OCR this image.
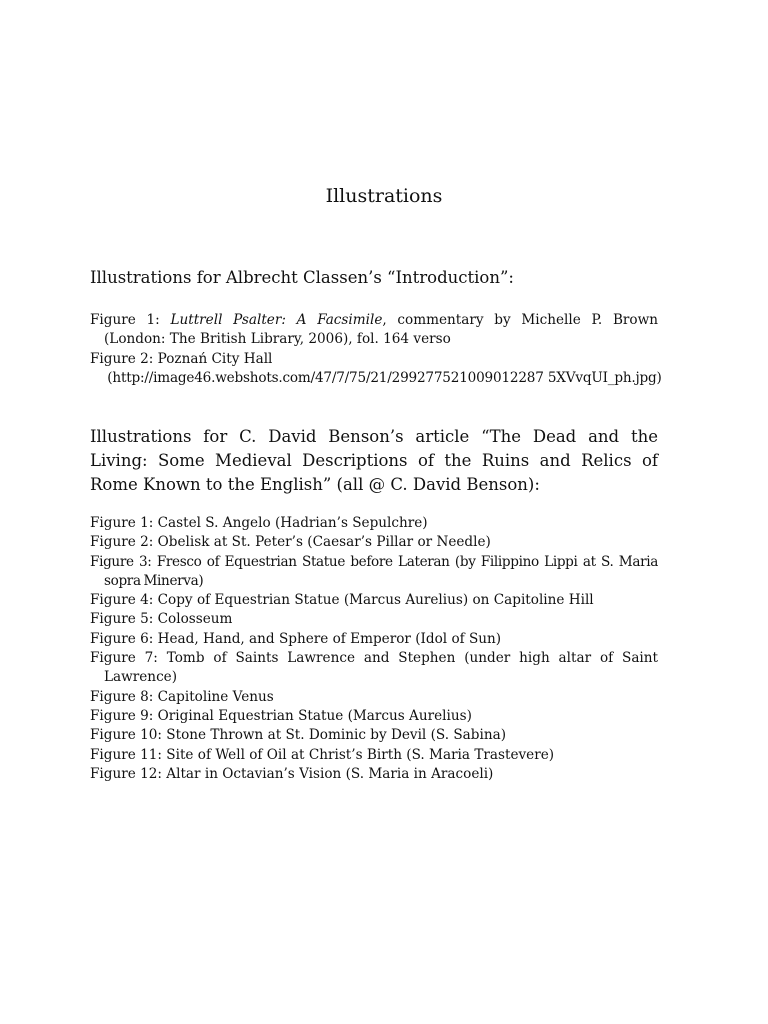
Illustrations
Illustrations for Albrecht Classen’s “Introduction”:
Figure 1: Luttrell Psalter: A Facsimile, commentary by Michelle P. Brown (London: The British Library, 2006), fol. 164 verso
Figure 2: Poznań City Hall
(http://image46.webshots.com/47/7/75/21/299277521009012287 5XVvqUI_ph.jpg)
Illustrations for C. David Benson’s article “The Dead and the Living: Some Medieval Descriptions of the Ruins and Relics of Rome Known to the English” (all @ C. David Benson):
Figure 1: Castel S. Angelo (Hadrian’s Sepulchre)
Figure 2: Obelisk at St. Peter’s (Caesar’s Pillar or Needle)
Figure 3: Fresco of Equestrian Statue before Lateran (by Filippino Lippi at S. Maria sopra Minerva)
Figure 4: Copy of Equestrian Statue (Marcus Aurelius) on Capitoline Hill
Figure 5: Colosseum
Figure 6: Head, Hand, and Sphere of Emperor (Idol of Sun)
Figure 7: Tomb of Saints Lawrence and Stephen (under high altar of Saint Lawrence)
Figure 8: Capitoline Venus
Figure 9: Original Equestrian Statue (Marcus Aurelius)
Figure 10: Stone Thrown at St. Dominic by Devil (S. Sabina)
Figure 11: Site of Well of Oil at Christ’s Birth (S. Maria Trastevere)
Figure 12: Altar in Octavian’s Vision (S. Maria in Aracoeli)
